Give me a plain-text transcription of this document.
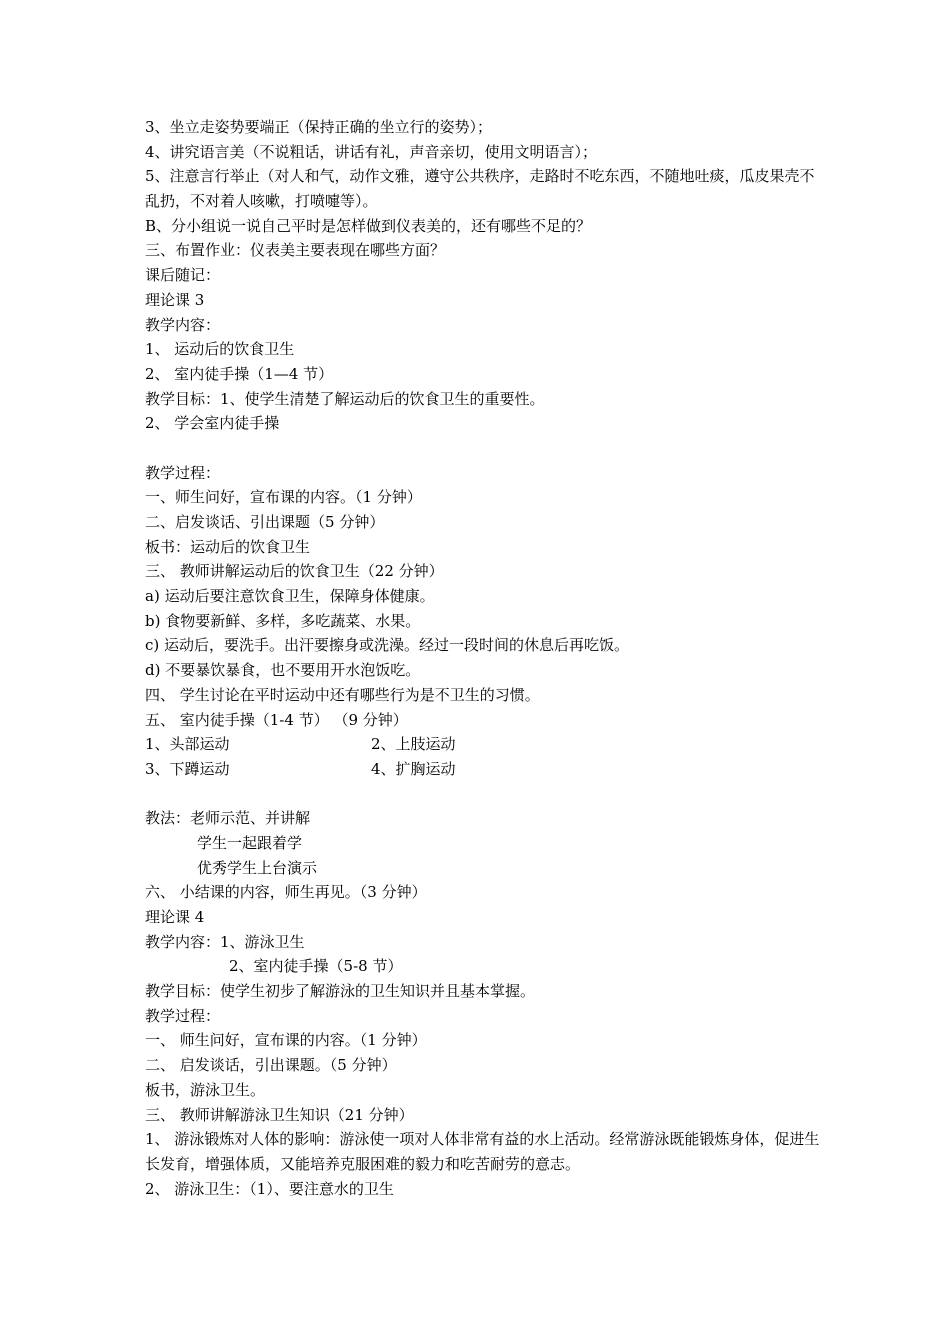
3、坐立走姿势要端正（保持正确的坐立行的姿势）；
4、讲究语言美（不说粗话，讲话有礼，声音亲切，使用文明语言）；
5、注意言行举止（对人和气，动作文雅，遵守公共秩序，走路时不吃东西，不随地吐痰，瓜皮果壳不乱扔，不对着人咳嗽，打喷嚏等）。
B、分小组说一说自己平时是怎样做到仪表美的，还有哪些不足的？
三、布置作业：仪表美主要表现在哪些方面？
课后随记：
理论课 3
教学内容：
1、 运动后的饮食卫生
2、 室内徒手操（1—4 节）
教学目标：1、使学生清楚了解运动后的饮食卫生的重要性。
2、 学会室内徒手操
教学过程：
一、师生问好，宣布课的内容。（1 分钟）
二、启发谈话、引出课题（5 分钟）
板书：运动后的饮食卫生
三、 教师讲解运动后的饮食卫生（22 分钟）
a) 运动后要注意饮食卫生，保障身体健康。
b) 食物要新鲜、多样，多吃蔬菜、水果。
c) 运动后，要洗手。出汗要擦身或洗澡。经过一段时间的休息后再吃饭。
d) 不要暴饮暴食，也不要用开水泡饭吃。
四、 学生讨论在平时运动中还有哪些行为是不卫生的习惯。
五、 室内徒手操（1-4 节） （9 分钟）
1、头部运动	2、上肢运动
3、下蹲运动	4、扩胸运动
教法：老师示范、并讲解
学生一起跟着学
优秀学生上台演示
六、 小结课的内容，师生再见。（3 分钟）
理论课 4
教学内容：1、游泳卫生
2、室内徒手操（5-8 节）
教学目标：使学生初步了解游泳的卫生知识并且基本掌握。
教学过程：
一、 师生问好，宣布课的内容。（1 分钟）
二、 启发谈话，引出课题。（5 分钟）
板书，游泳卫生。
三、 教师讲解游泳卫生知识（21 分钟）
1、 游泳锻炼对人体的影响：游泳使一项对人体非常有益的水上活动。经常游泳既能锻炼身体，促进生长发育，增强体质，又能培养克服困难的毅力和吃苦耐劳的意志。
2、 游泳卫生：（1）、要注意水的卫生
